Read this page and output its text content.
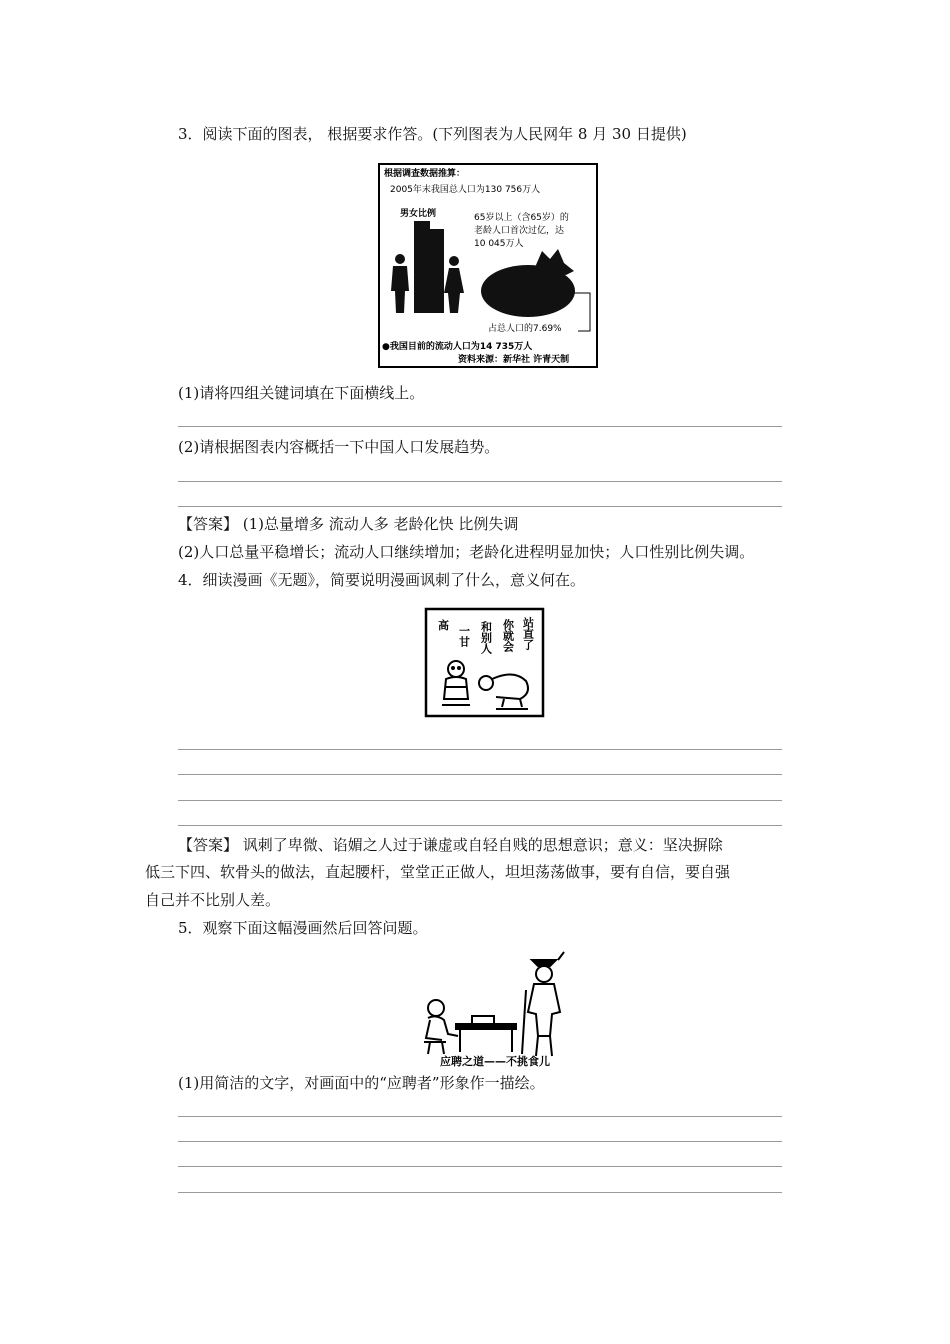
3．阅读下面的图表， 根据要求作答。(下列图表为人民网年 8 月 30 日提供)
根据调查数据推算：
2005年末我国总人口为130 756万人
男女比例	65岁以上（含65岁）的
老龄人口首次过亿，达
10 045万人
占总人口的7.69%
●我国目前的流动人口为14 735万人
资料来源：新华社 许青天制
(1)请将四组关键词填在下面横线上。
(2)请根据图表内容概括一下中国人口发展趋势。
【答案】 (1)总量增多 流动人多 老龄化快 比例失调
(2)人口总量平稳增长；流动人口继续增加；老龄化进程明显加快；人口性别比例失调。
4．细读漫画《无题》，简要说明漫画讽刺了什么，意义何在。
高 一甘 和别人 你就会 站直了
【答案】 讽刺了卑微、谄媚之人过于谦虚或自轻自贱的思想意识；意义：坚决摒除
低三下四、软骨头的做法，直起腰杆，堂堂正正做人，坦坦荡荡做事，要有自信，要自强
自己并不比别人差。
5．观察下面这幅漫画然后回答问题。
应聘之道——不挑食儿
(1)用简洁的文字，对画面中的“应聘者”形象作一描绘。
